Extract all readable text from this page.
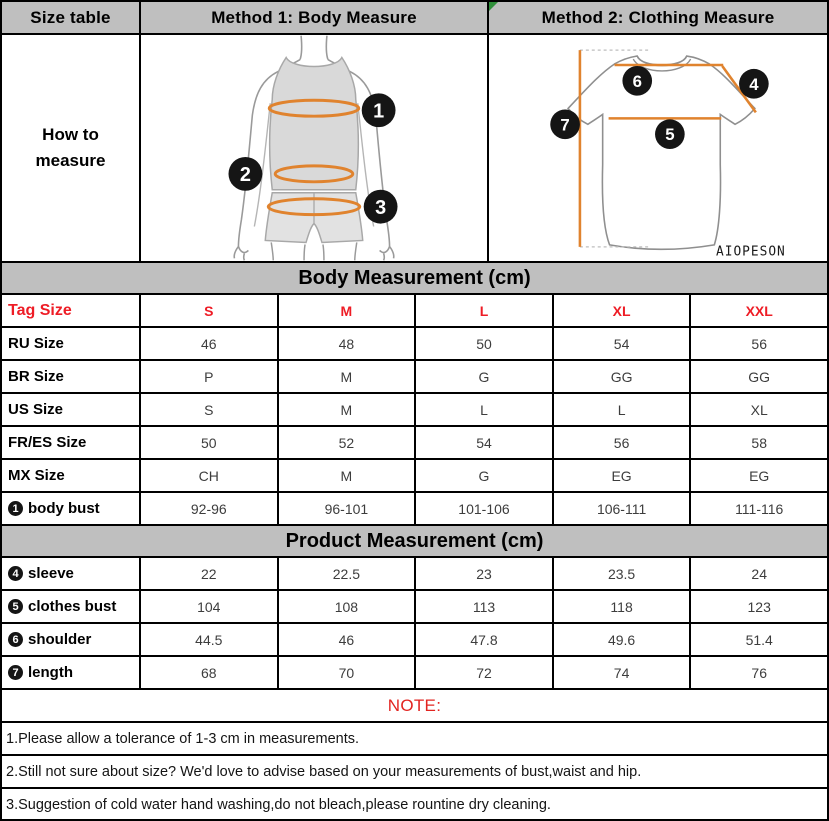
Size table	Method 1: Body Measure	Method 2: Clothing Measure
How to
measure
1
2
3
6	4
7
5
AIOPESON
Body Measurement (cm)
Tag Size	S	M	L	XL	XXL
RU Size	46	48	50	54	56
BR Size	P	M	G	GG	GG
US Size	S	M	L	L	XL
FR/ES Size	50	52	54	56	58
MX Size	CH	M	G	EG	EG
1 body bust	92-96	96-101	101-106	106-111	111-116
Product Measurement (cm)
4 sleeve	22	22.5	23	23.5	24
5 clothes bust	104	108	113	118	123
6 shoulder	44.5	46	47.8	49.6	51.4
7 length	68	70	72	74	76
NOTE:
1.Please allow a tolerance of 1-3 cm in measurements.
2.Still not sure about size? We'd love to advise based on your measurements of bust,waist and hip.
3.Suggestion of cold water hand washing,do not bleach,please rountine dry cleaning.
